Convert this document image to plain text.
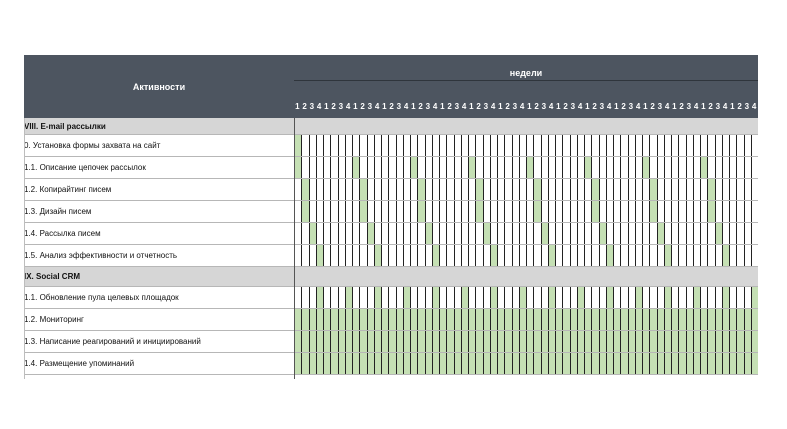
Активности
недели
1 2 3 4 1 2 3 4 1 2 3 4 1 2 3 4 1 2 3 4 1 2 3 4 1 2 3 4 1 2 3 4 1 2 3 4 1 2 3 4 1 2 3 4 1 2 3 4 1 2 3 4 1 2 3 4 1 2 3 4 1 2 3 4
VIII. E-mail рассылки
0. Установка формы захвата на сайт
1.1. Описание цепочек рассылок
1.2. Копирайтинг писем
1.3. Дизайн писем
1.4. Рассылка писем
1.5. Анализ эффективности и отчетность
IX. Social CRM
1.1. Обновление пула целевых площадок
1.2. Мониторинг
1.3. Написание реагирований и инициирований
1.4. Размещение упоминаний
